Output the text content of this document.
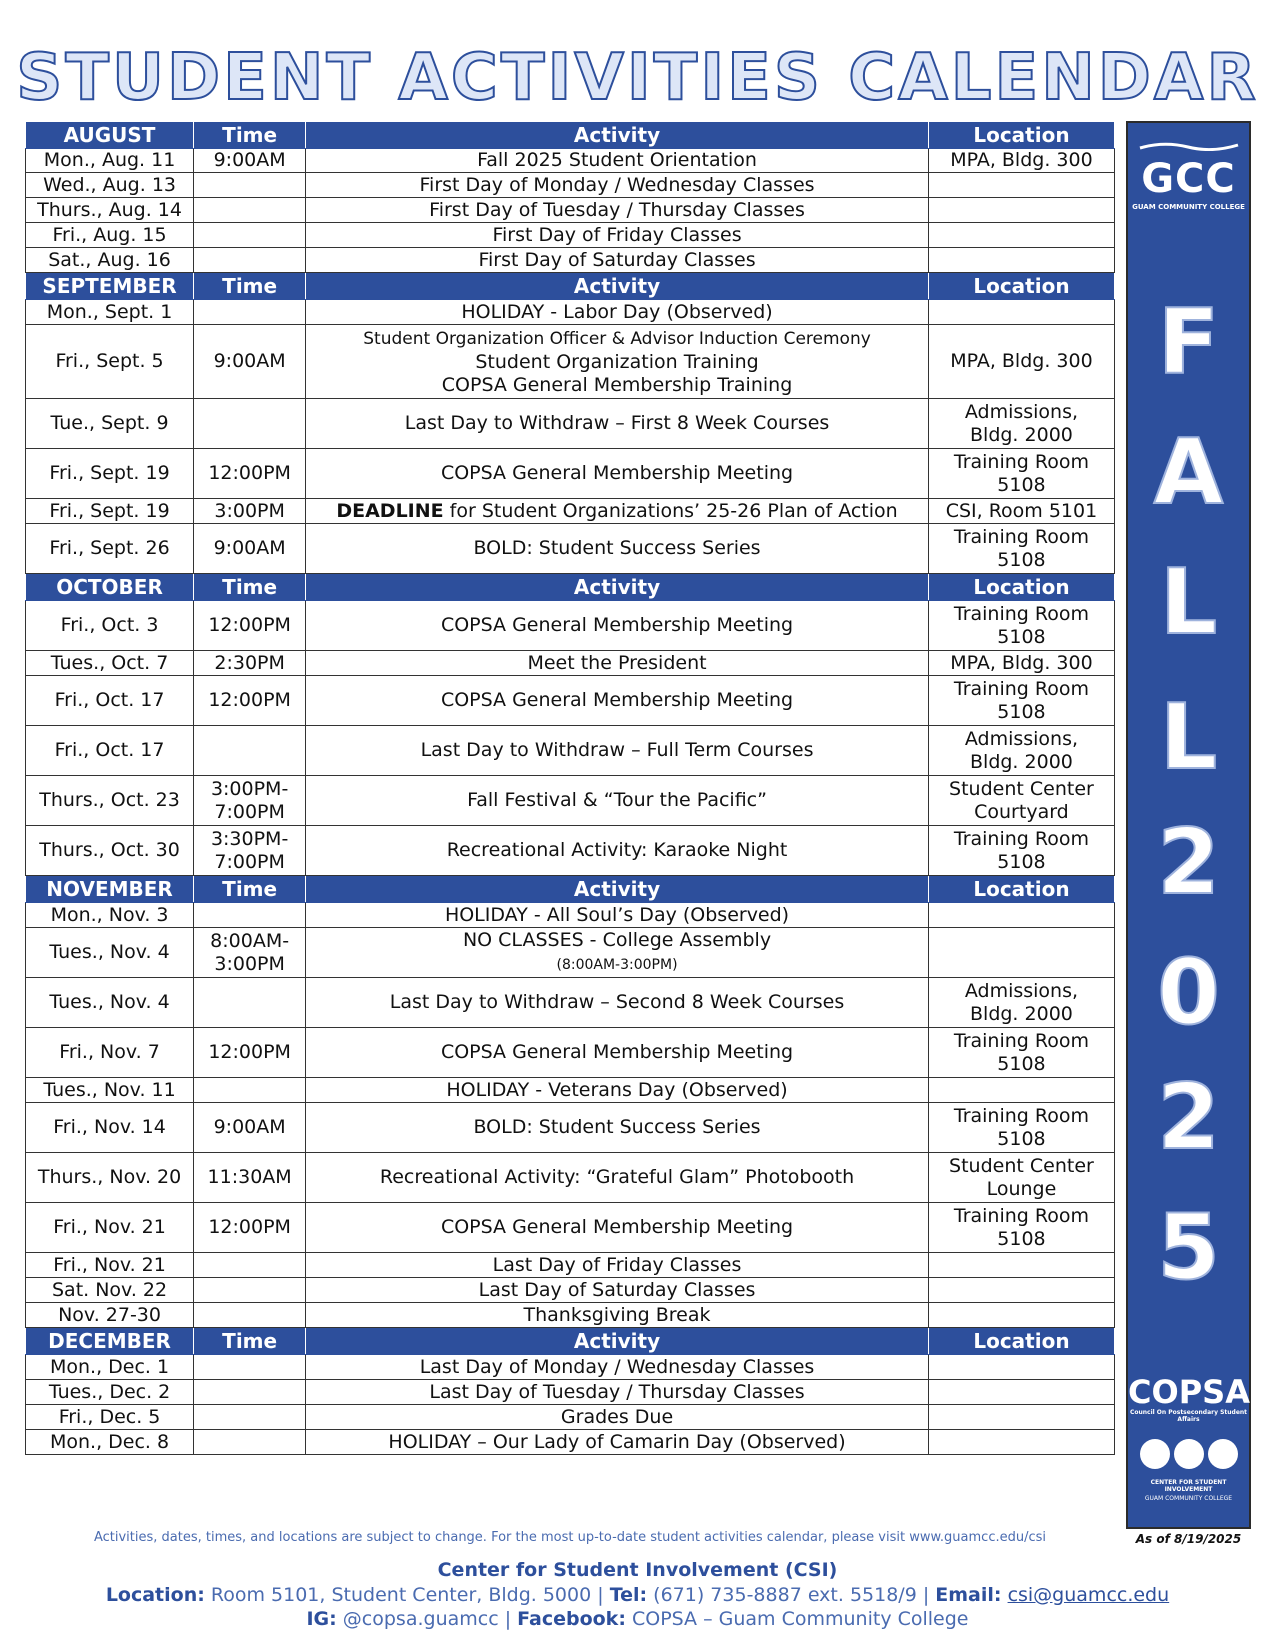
STUDENT ACTIVITIES CALENDAR
AUGUST	Time	Activity	Location
Mon., Aug. 11	9:00AM	Fall 2025 Student Orientation	MPA, Bldg. 300
Wed., Aug. 13		First Day of Monday / Wednesday Classes	
Thurs., Aug. 14		First Day of Tuesday / Thursday Classes	
Fri., Aug. 15		First Day of Friday Classes	
Sat., Aug. 16		First Day of Saturday Classes	
SEPTEMBER	Time	Activity	Location
Mon., Sept. 1		HOLIDAY - Labor Day (Observed)	
Fri., Sept. 5	9:00AM	Student Organization Officer & Advisor Induction Ceremony
Student Organization Training
COPSA General Membership Training	MPA, Bldg. 300
Tue., Sept. 9		Last Day to Withdraw – First 8 Week Courses	Admissions,
Bldg. 2000
Fri., Sept. 19	12:00PM	COPSA General Membership Meeting	Training Room
5108
Fri., Sept. 19	3:00PM	DEADLINE for Student Organizations’ 25-26 Plan of Action	CSI, Room 5101
Fri., Sept. 26	9:00AM	BOLD: Student Success Series	Training Room
5108
OCTOBER	Time	Activity	Location
Fri., Oct. 3	12:00PM	COPSA General Membership Meeting	Training Room
5108
Tues., Oct. 7	2:30PM	Meet the President	MPA, Bldg. 300
Fri., Oct. 17	12:00PM	COPSA General Membership Meeting	Training Room
5108
Fri., Oct. 17		Last Day to Withdraw – Full Term Courses	Admissions,
Bldg. 2000
Thurs., Oct. 23	3:00PM-
7:00PM	Fall Festival & “Tour the Pacific”	Student Center
Courtyard
Thurs., Oct. 30	3:30PM-
7:00PM	Recreational Activity: Karaoke Night	Training Room
5108
NOVEMBER	Time	Activity	Location
Mon., Nov. 3		HOLIDAY - All Soul’s Day (Observed)	
Tues., Nov. 4	8:00AM-
3:00PM	NO CLASSES - College Assembly
(8:00AM-3:00PM)	
Tues., Nov. 4		Last Day to Withdraw – Second 8 Week Courses	Admissions,
Bldg. 2000
Fri., Nov. 7	12:00PM	COPSA General Membership Meeting	Training Room
5108
Tues., Nov. 11		HOLIDAY - Veterans Day (Observed)	
Fri., Nov. 14	9:00AM	BOLD: Student Success Series	Training Room
5108
Thurs., Nov. 20	11:30AM	Recreational Activity: “Grateful Glam” Photobooth	Student Center
Lounge
Fri., Nov. 21	12:00PM	COPSA General Membership Meeting	Training Room
5108
Fri., Nov. 21		Last Day of Friday Classes	
Sat. Nov. 22		Last Day of Saturday Classes	
Nov. 27-30		Thanksgiving Break	
DECEMBER	Time	Activity	Location
Mon., Dec. 1		Last Day of Monday / Wednesday Classes	
Tues., Dec. 2		Last Day of Tuesday / Thursday Classes	
Fri., Dec. 5		Grades Due	
Mon., Dec. 8		HOLIDAY – Our Lady of Camarin Day (Observed)	
GCC
GUAM COMMUNITY COLLEGE
F
A
L
L
2
0
2
5
COPSA
Council On Postsecondary Student Affairs
CENTER FOR STUDENT INVOLVEMENT
GUAM COMMUNITY COLLEGE
Activities, dates, times, and locations are subject to change. For the most up-to-date student activities calendar, please visit www.guamcc.edu/csi	As of 8/19/2025
Center for Student Involvement (CSI)
Location: Room 5101, Student Center, Bldg. 5000 | Tel: (671) 735-8887 ext. 5518/9 | Email: csi@guamcc.edu
IG: @copsa.guamcc | Facebook: COPSA – Guam Community College
